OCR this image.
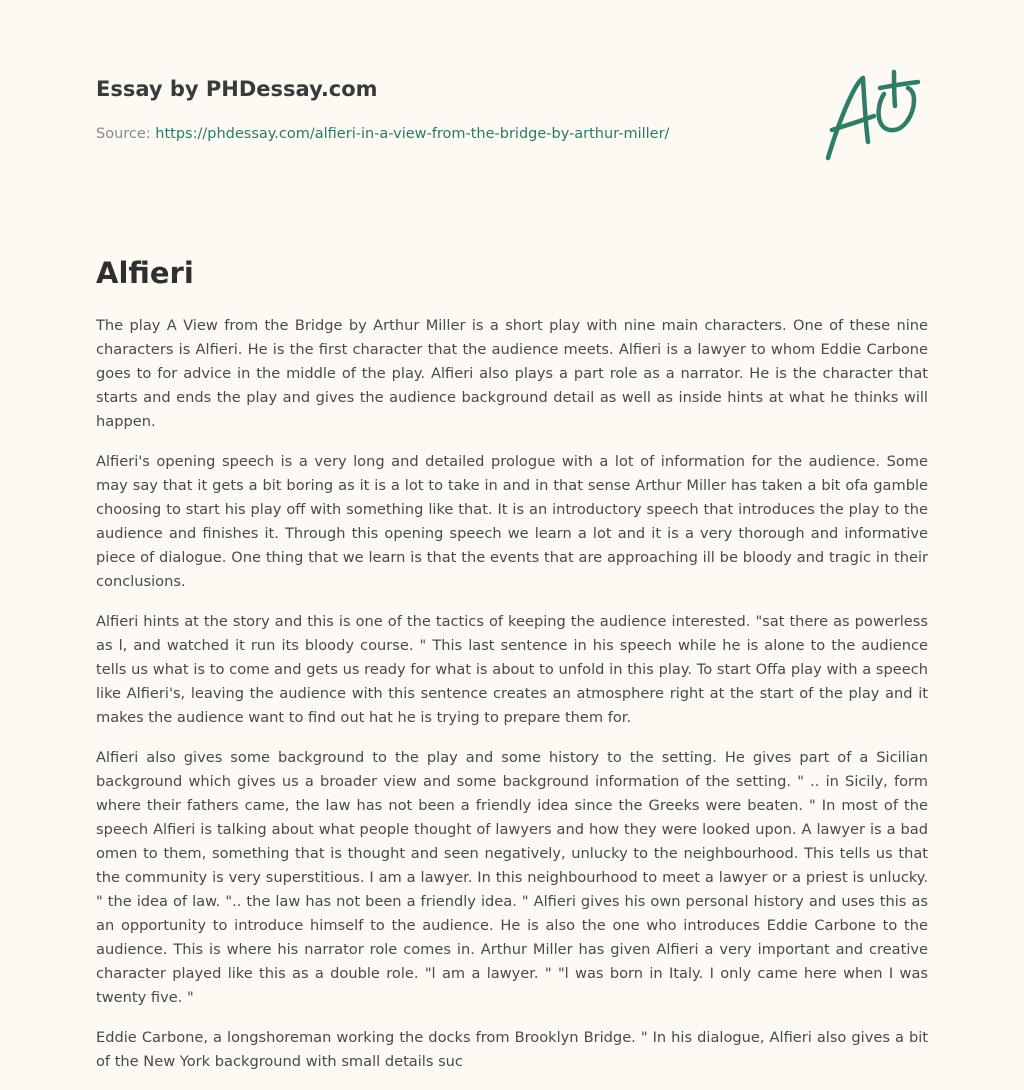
Essay by PHDessay.com
Source: https://phdessay.com/alfieri-in-a-view-from-the-bridge-by-arthur-miller/
Alfieri

The play A View from the Bridge by Arthur Miller is a short play with nine main characters. One of these nine characters is Alfieri. He is the first character that the audience meets. Alfieri is a lawyer to whom Eddie Carbone goes to for advice in the middle of the play. Alfieri also plays a part role as a narrator. He is the character that starts and ends the play and gives the audience background detail as well as inside hints at what he thinks will happen.

Alfieri's opening speech is a very long and detailed prologue with a lot of information for the audience. Some may say that it gets a bit boring as it is a lot to take in and in that sense Arthur Miller has taken a bit ofa gamble choosing to start his play off with something like that. It is an introductory speech that introduces the play to the audience and finishes it. Through this opening speech we learn a lot and it is a very thorough and informative piece of dialogue. One thing that we learn is that the events that are approaching ill be bloody and tragic in their conclusions.

Alfieri hints at the story and this is one of the tactics of keeping the audience interested. "sat there as powerless as l, and watched it run its bloody course. " This last sentence in his speech while he is alone to the audience tells us what is to come and gets us ready for what is about to unfold in this play. To start Offa play with a speech like Alfieri's, leaving the audience with this sentence creates an atmosphere right at the start of the play and it makes the audience want to find out hat he is trying to prepare them for.

Alfieri also gives some background to the play and some history to the setting. He gives part of a Sicilian background which gives us a broader view and some background information of the setting. " .. in Sicily, form where their fathers came, the law has not been a friendly idea since the Greeks were beaten. " In most of the speech Alfieri is talking about what people thought of lawyers and how they were looked upon. A lawyer is a bad omen to them, something that is thought and seen negatively, unlucky to the neighbourhood. This tells us that the community is very superstitious. I am a lawyer. In this neighbourhood to meet a lawyer or a priest is unlucky. " the idea of law. ".. the law has not been a friendly idea. " Alfieri gives his own personal history and uses this as an opportunity to introduce himself to the audience. He is also the one who introduces Eddie Carbone to the audience. This is where his narrator role comes in. Arthur Miller has given Alfieri a very important and creative character played like this as a double role. "l am a lawyer. " "l was born in Italy. I only came here when I was twenty five. "

Eddie Carbone, a longshoreman working the docks from Brooklyn Bridge. " In his dialogue, Alfieri also gives a bit of the New York background with small details suc
